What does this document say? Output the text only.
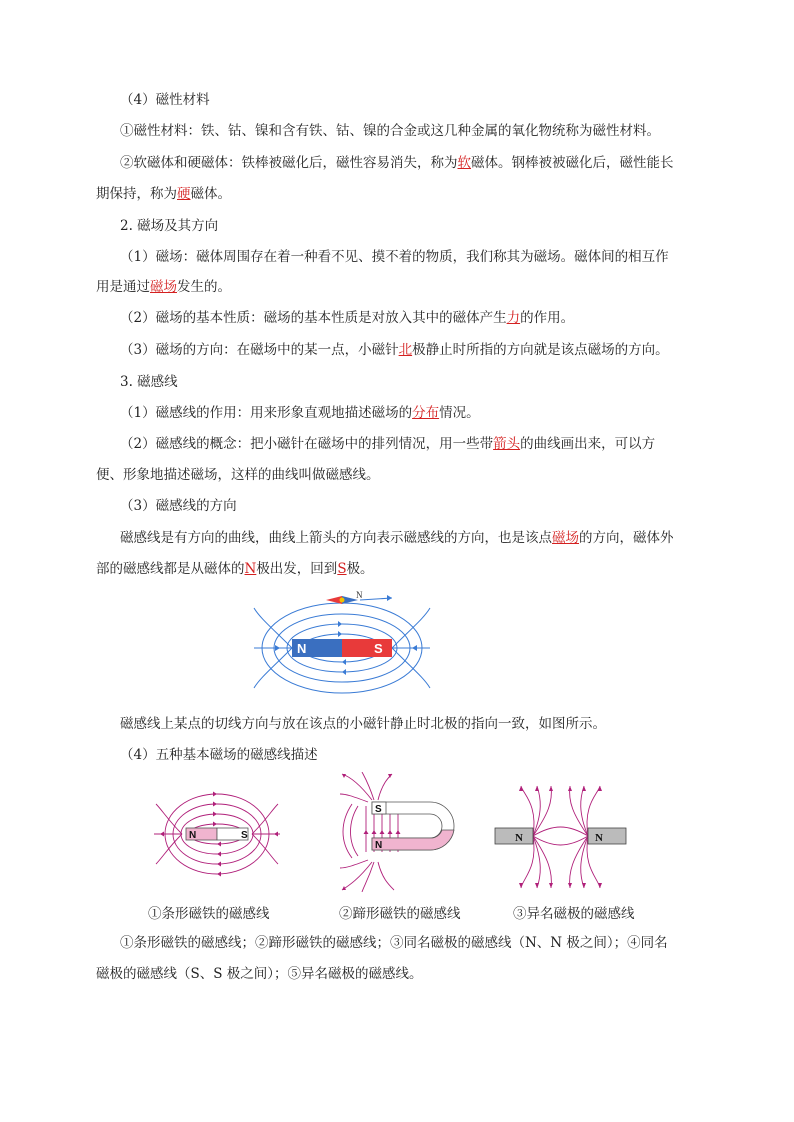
（4）磁性材料
①磁性材料：铁、钴、镍和含有铁、钴、镍的合金或这几种金属的氧化物统称为磁性材料。
②软磁体和硬磁体：铁棒被磁化后，磁性容易消失，称为软磁体。钢棒被被磁化后，磁性能长
期保持，称为硬磁体。
2. 磁场及其方向
（1）磁场：磁体周围存在着一种看不见、摸不着的物质，我们称其为磁场。磁体间的相互作
用是通过磁场发生的。
（2）磁场的基本性质：磁场的基本性质是对放入其中的磁体产生力的作用。
（3）磁场的方向：在磁场中的某一点，小磁针北极静止时所指的方向就是该点磁场的方向。
3. 磁感线
（1）磁感线的作用：用来形象直观地描述磁场的分布情况。
（2）磁感线的概念：把小磁针在磁场中的排列情况，用一些带箭头的曲线画出来，可以方
便、形象地描述磁场，这样的曲线叫做磁感线。
（3）磁感线的方向
磁感线是有方向的曲线，曲线上箭头的方向表示磁感线的方向，也是该点磁场的方向，磁体外
部的磁感线都是从磁体的N极出发，回到S极。
N	S
N
磁感线上某点的切线方向与放在该点的小磁针静止时北极的指向一致，如图所示。
（4）五种基本磁场的磁感线描述
N	S
S
N
N	N
①条形磁铁的磁感线	②蹄形磁铁的磁感线	③异名磁极的磁感线
①条形磁铁的磁感线；②蹄形磁铁的磁感线；③同名磁极的磁感线（N、N 极之间）；④同名
磁极的磁感线（S、S 极之间）；⑤异名磁极的磁感线。
